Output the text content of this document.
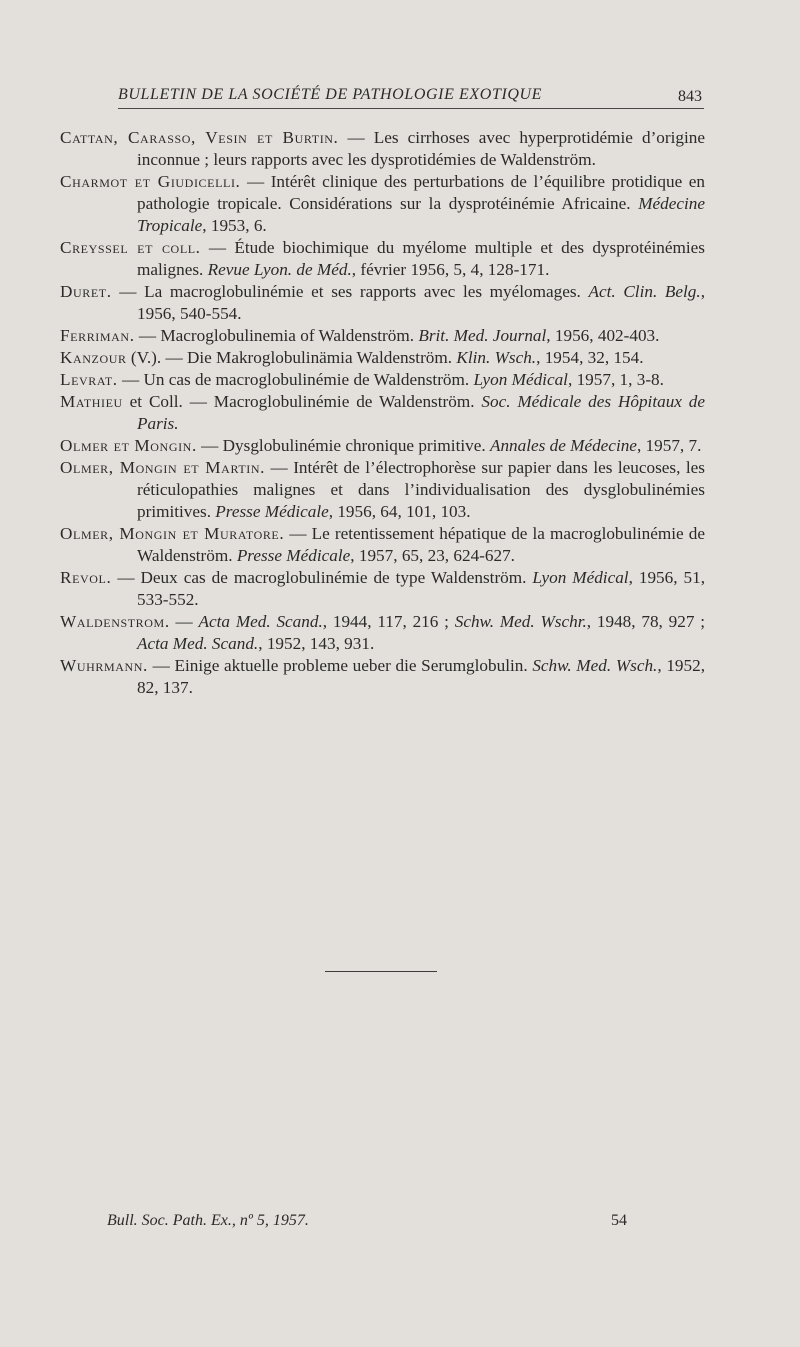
BULLETIN DE LA SOCIÉTÉ DE PATHOLOGIE EXOTIQUE	843

Cattan, Carasso, Vesin et Burtin. — Les cirrhoses avec hyperprotidémie d’origine inconnue ; leurs rapports avec les dysprotidémies de Waldenström.

Charmot et Giudicelli. — Intérêt clinique des perturbations de l’équilibre protidique en pathologie tropicale. Considérations sur la dysprotéinémie Africaine. Médecine Tropicale, 1953, 6.

Creyssel et coll. — Étude biochimique du myélome multiple et des dysprotéinémies malignes. Revue Lyon. de Méd., février 1956, 5, 4, 128-171.

Duret. — La macroglobulinémie et ses rapports avec les myélomages. Act. Clin. Belg., 1956, 540-554.

Ferriman. — Macroglobulinemia of Waldenström. Brit. Med. Journal, 1956, 402-403.

Kanzour (V.). — Die Makroglobulinämia Waldenström. Klin. Wsch., 1954, 32, 154.

Levrat. — Un cas de macroglobulinémie de Waldenström. Lyon Médical, 1957, 1, 3-8.

Mathieu et Coll. — Macroglobulinémie de Waldenström. Soc. Médicale des Hôpitaux de Paris.

Olmer et Mongin. — Dysglobulinémie chronique primitive. Annales de Médecine, 1957, 7.

Olmer, Mongin et Martin. — Intérêt de l’électrophorèse sur papier dans les leucoses, les réticulopathies malignes et dans l’individualisation des dysglobulinémies primitives. Presse Médicale, 1956, 64, 101, 103.

Olmer, Mongin et Muratore. — Le retentissement hépatique de la macroglobulinémie de Waldenström. Presse Médicale, 1957, 65, 23, 624-627.

Revol. — Deux cas de macroglobulinémie de type Waldenström. Lyon Médical, 1956, 51, 533-552.

Waldenstrom. — Acta Med. Scand., 1944, 117, 216 ; Schw. Med. Wschr., 1948, 78, 927 ; Acta Med. Scand., 1952, 143, 931.

Wuhrmann. — Einige aktuelle probleme ueber die Serumglobulin. Schw. Med. Wsch., 1952, 82, 137.

Bull. Soc. Path. Ex., nº 5, 1957.	54
